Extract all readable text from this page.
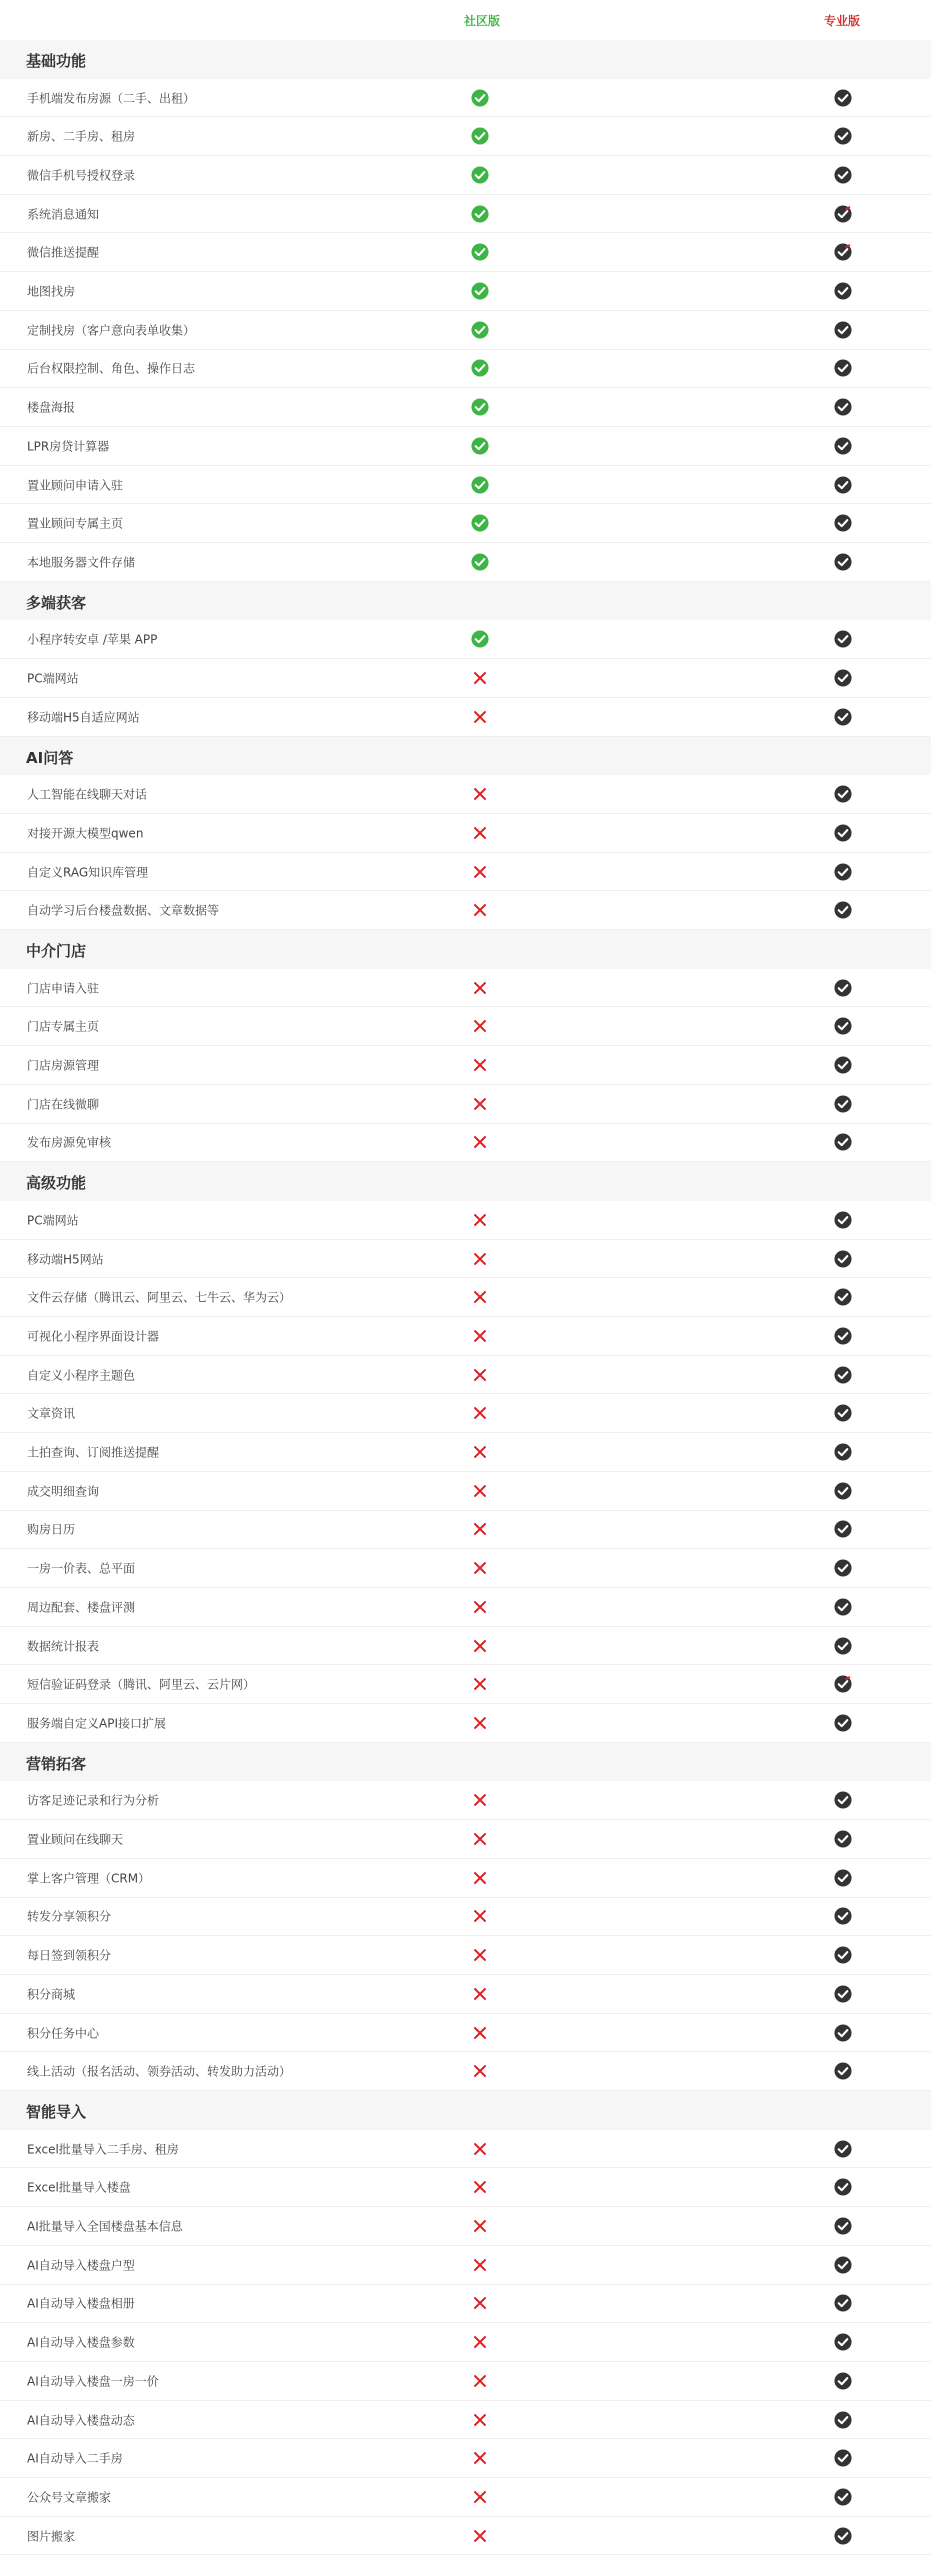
社区版	专业版
基础功能
手机端发布房源（二手、出租）
新房、二手房、租房
微信手机号授权登录
系统消息通知
微信推送提醒
地图找房
定制找房（客户意向表单收集）
后台权限控制、角色、操作日志
楼盘海报
LPR房贷计算器
置业顾问申请入驻
置业顾问专属主页
本地服务器文件存储
多端获客
小程序转安卓 /苹果 APP
PC端网站
移动端H5自适应网站
AI问答
人工智能在线聊天对话
对接开源大模型qwen
自定义RAG知识库管理
自动学习后台楼盘数据、文章数据等
中介门店
门店申请入驻
门店专属主页
门店房源管理
门店在线微聊
发布房源免审核
高级功能
PC端网站
移动端H5网站
文件云存储（腾讯云、阿里云、七牛云、华为云）
可视化小程序界面设计器
自定义小程序主题色
文章资讯
土拍查询、订阅推送提醒
成交明细查询
购房日历
一房一价表、总平面
周边配套、楼盘评测
数据统计报表
短信验证码登录（腾讯、阿里云、云片网）
服务端自定义API接口扩展
营销拓客
访客足迹记录和行为分析
置业顾问在线聊天
掌上客户管理（CRM）
转发分享领积分
每日签到领积分
积分商城
积分任务中心
线上活动（报名活动、领券活动、转发助力活动）
智能导入
Excel批量导入二手房、租房
Excel批量导入楼盘
AI批量导入全国楼盘基本信息
AI自动导入楼盘户型
AI自动导入楼盘相册
AI自动导入楼盘参数
AI自动导入楼盘一房一价
AI自动导入楼盘动态
AI自动导入二手房
公众号文章搬家
图片搬家
